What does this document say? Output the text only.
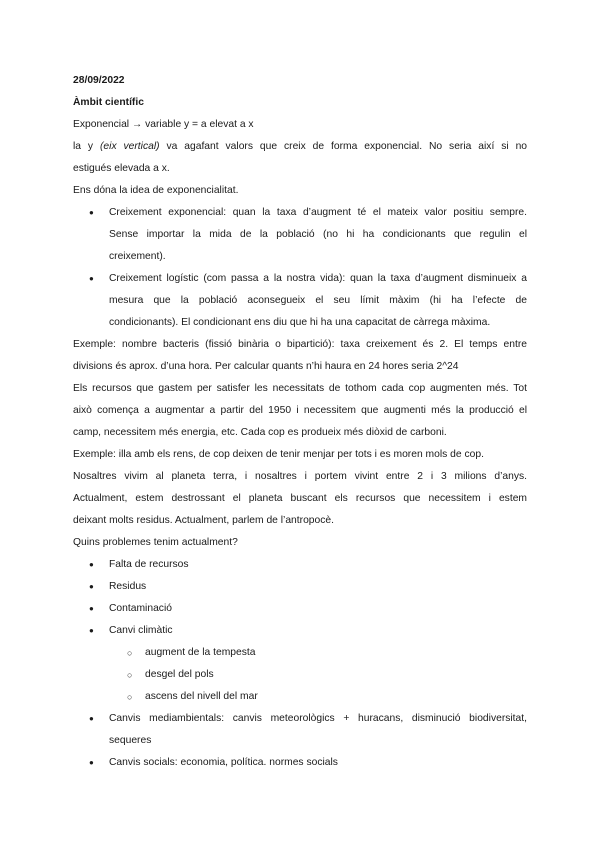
28/09/2022
Àmbit científic
Exponencial → variable y = a elevat a x
la y (eix vertical) va agafant valors que creix de forma exponencial. No seria així si no
estigués elevada a x.
Ens dóna la idea de exponencialitat.
● Creixement exponencial: quan la taxa d’augment té el mateix valor positiu sempre.
Sense importar la mida de la població (no hi ha condicionants que regulin el
creixement).
● Creixement logístic (com passa a la nostra vida): quan la taxa d’augment disminueix a
mesura que la població aconsegueix el seu límit màxim (hi ha l’efecte de
condicionants). El condicionant ens diu que hi ha una capacitat de càrrega màxima.
Exemple: nombre bacteris (fissió binària o bipartició): taxa creixement és 2. El temps entre
divisions és aprox. d’una hora. Per calcular quants n’hi haura en 24 hores seria 2^24
Els recursos que gastem per satisfer les necessitats de tothom cada cop augmenten més. Tot
això comença a augmentar a partir del 1950 i necessitem que augmenti més la producció el
camp, necessitem més energia, etc. Cada cop es produeix més diòxid de carboni.
Exemple: illa amb els rens, de cop deixen de tenir menjar per tots i es moren mols de cop.
Nosaltres vivim al planeta terra, i nosaltres i portem vivint entre 2 i 3 milions d’anys.
Actualment, estem destrossant el planeta buscant els recursos que necessitem i estem
deixant molts residus. Actualment, parlem de l’antropocè.
Quins problemes tenim actualment?
● Falta de recursos
● Residus
● Contaminació
● Canvi climàtic
○ augment de la tempesta
○ desgel del pols
○ ascens del nivell del mar
● Canvis mediambientals: canvis meteorològics + huracans, disminució biodiversitat,
sequeres
● Canvis socials: economia, política. normes socials
